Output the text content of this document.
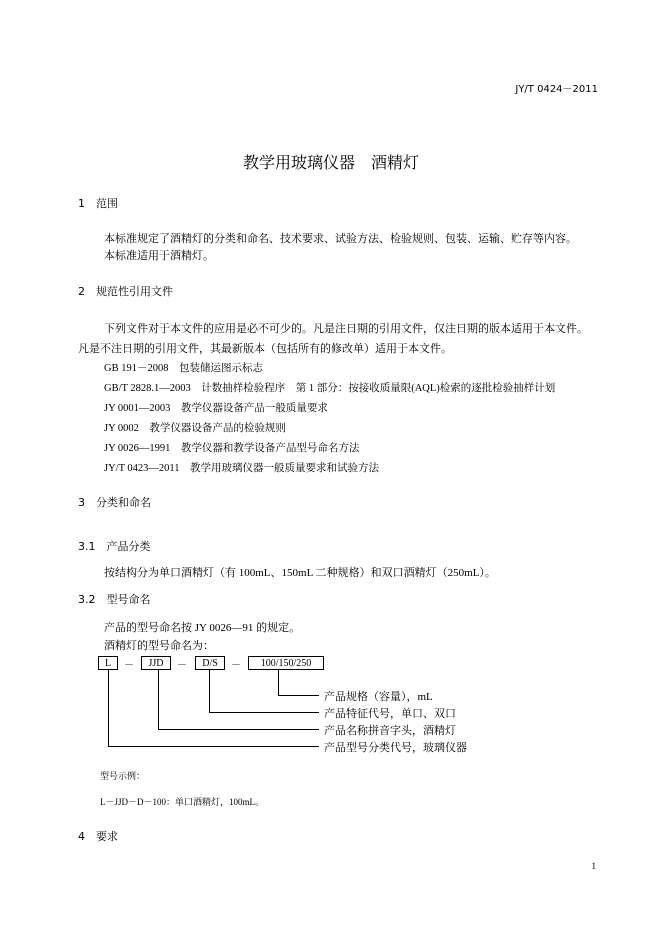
JY/T 0424－2011
教学用玻璃仪器　酒精灯
1　范围
本标准规定了酒精灯的分类和命名、技术要求、试验方法、检验规则、包装、运输、贮存等内容。
本标准适用于酒精灯。
2　规范性引用文件
下列文件对于本文件的应用是必不可少的。凡是注日期的引用文件，仅注日期的版本适用于本文件。
凡是不注日期的引用文件，其最新版本（包括所有的修改单）适用于本文件。
GB 191－2008　包装储运图示标志
GB/T 2828.1—2003　计数抽样检验程序　第 1 部分：按接收质量限(AQL)检索的逐批检验抽样计划
JY 0001—2003　教学仪器设备产品一般质量要求
JY 0002　教学仪器设备产品的检验规则
JY 0026—1991　教学仪器和教学设备产品型号命名方法
JY/T 0423—2011　教学用玻璃仪器一般质量要求和试验方法
3　分类和命名
3.1　产品分类
按结构分为单口酒精灯（有 100mL、150mL 二种规格）和双口酒精灯（250mL）。
3.2　型号命名
产品的型号命名按 JY 0026—91 的规定。
酒精灯的型号命名为：
L	－	JJD	－	D/S	－	100/150/250
产品规格（容量），mL
产品特征代号，单口、双口
产品名称拼音字头，酒精灯
产品型号分类代号，玻璃仪器
型号示例：
L－JJD－D－100：单口酒精灯，100mL。
4　要求
1
